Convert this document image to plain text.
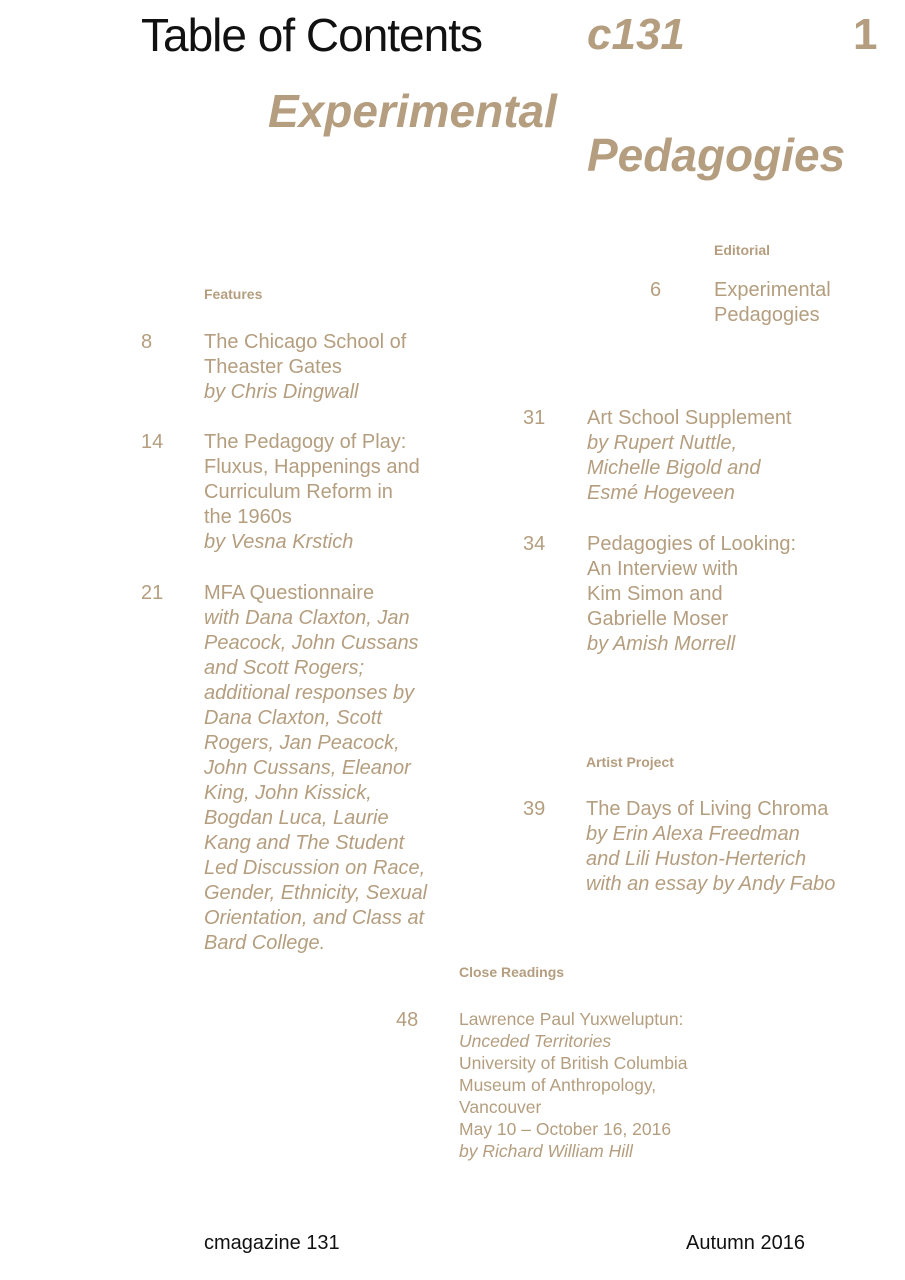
Table of Contents c131	1
Experimental
Pedagogies
Editorial
6	Experimental
Pedagogies
Features
8	The Chicago School of
Theaster Gates
by Chris Dingwall
14 The Pedagogy of Play:
Fluxus, Happenings and
Curriculum Reform in
the 1960s
by Vesna Krstich
21 MFA Questionnaire
with Dana Claxton, Jan
Peacock, John Cussans
and Scott Rogers;
additional responses by
Dana Claxton, Scott
Rogers, Jan Peacock,
John Cussans, Eleanor
King, John Kissick,
Bogdan Luca, Laurie
Kang and The Student
Led Discussion on Race,
Gender, Ethnicity, Sexual
Orientation, and Class at
Bard College.
31 Art School Supplement
by Rupert Nuttle,
Michelle Bigold and
Esmé Hogeveen
34 Pedagogies of Looking:
An Interview with
Kim Simon and
Gabrielle Moser
by Amish Morrell
Artist Project
39 The Days of Living Chroma
by Erin Alexa Freedman
and Lili Huston-Herterich
with an essay by Andy Fabo
Close Readings
48 Lawrence Paul Yuxweluptun:
Unceded Territories
University of British Columbia
Museum of Anthropology,
Vancouver
May 10 – October 16, 2016
by Richard William Hill
cmagazine 131	Autumn 2016
